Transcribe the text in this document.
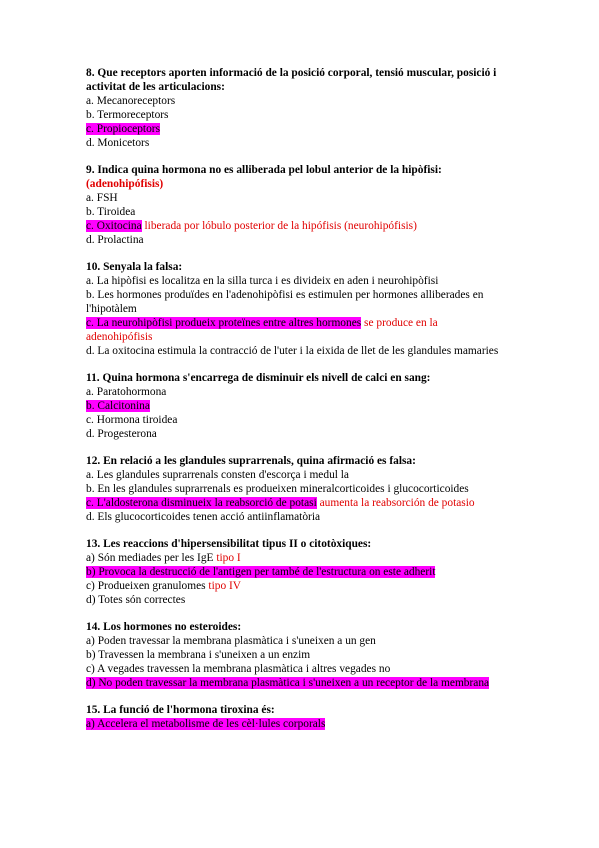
8. Que receptors aporten informació de la posició corporal, tensió muscular, posició i activitat de les articulacions:
a. Mecanoreceptors
b. Termoreceptors
c. Propioceptors
d. Monicetors
9. Indica quina hormona no es alliberada pel lobul anterior de la hipòfisi:
(adenohipófisis)
a. FSH
b. Tiroidea
c. Oxitocina liberada por lóbulo posterior de la hipófisis (neurohipófisis)
d. Prolactina
10. Senyala la falsa:
a. La hipòfisi es localitza en la silla turca i es divideix en aden i neurohipòfisi
b. Les hormones produïdes en l'adenohipòfisi es estimulen per hormones alliberades en l'hipotàlem
c. La neurohipòfisi produeix proteïnes entre altres hormones se produce en la adenohipófisis
d. La oxitocina estimula la contracció de l'uter i la eixida de llet de les glandules mamaries
11. Quina hormona s'encarrega de disminuir els nivell de calci en sang:
a. Paratohormona
b. Calcitonina
c. Hormona tiroidea
d. Progesterona
12. En relació a les glandules suprarrenals, quina afirmació es falsa:
a. Les glandules suprarrenals consten d'escorça i medul la
b. En les glandules suprarrenals es produeixen mineralcorticoides i glucocorticoides
c. L'aldosterona disminueix la reabsorció de potasi aumenta la reabsorción de potasio
d. Els glucocorticoides tenen acció antiinflamatòria
13. Les reaccions d'hipersensibilitat tipus II o citotòxiques:
a) Són mediades per les IgE tipo I
b) Provoca la destrucció de l'antigen per també de l'estructura on este adherit
c) Produeixen granulomes tipo IV
d) Totes són correctes
14. Los hormones no esteroides:
a) Poden travessar la membrana plasmàtica i s'uneixen a un gen
b) Travessen la membrana i s'uneixen a un enzim
c) A vegades travessen la membrana plasmàtica i altres vegades no
d) No poden travessar la membrana plasmàtica i s'uneixen a un receptor de la membrana
15. La funció de l'hormona tiroxina és:
a) Accelera el metabolisme de les cèl·lules corporals
